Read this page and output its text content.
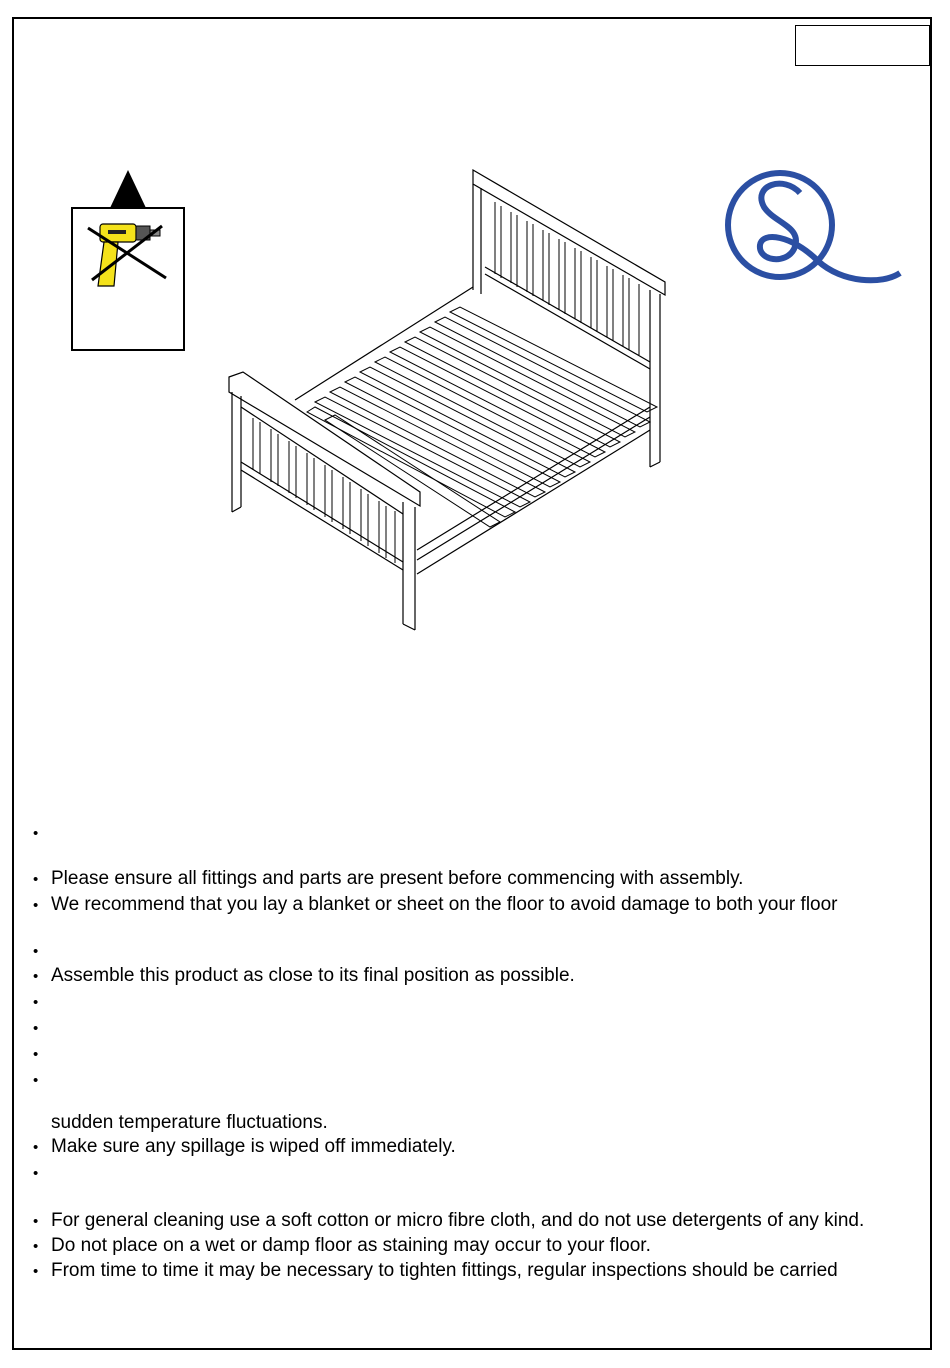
•
• Please ensure all fittings and parts are present before commencing with assembly.
• We recommend that you lay a blanket or sheet on the floor to avoid damage to both your floor
•
• Assemble this product as close to its final position as possible.
•
•
•
•
• Make sure any spillage is wiped off immediately.
•
• For general cleaning use a soft cotton or micro fibre cloth, and do not use detergents of any kind.
• Do not place on a wet or damp floor as staining may occur to your floor.
• From time to time it may be necessary to tighten fittings, regular inspections should be carried
sudden temperature fluctuations.
